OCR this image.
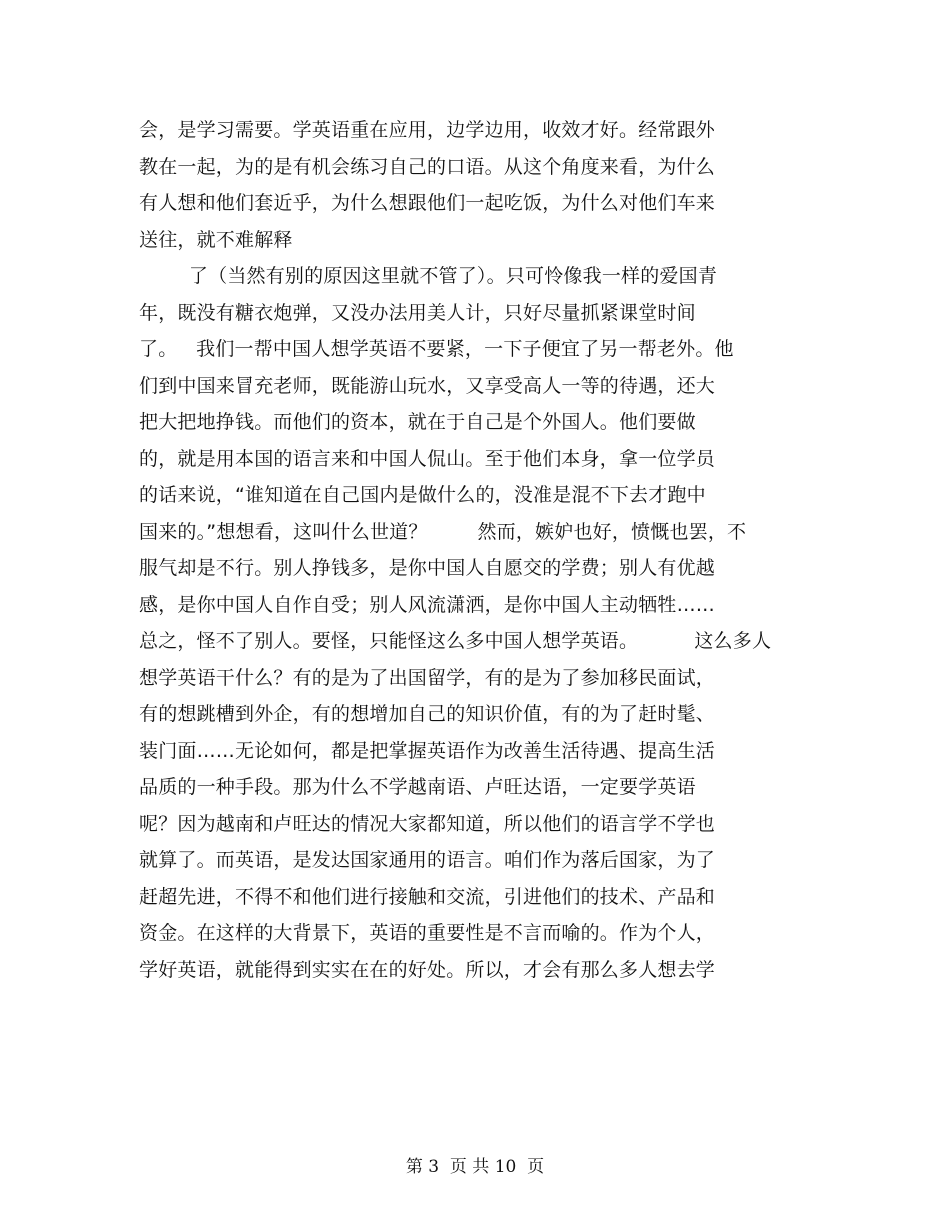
会，是学习需要。学英语重在应用，边学边用，收效才好。经常跟外
教在一起，为的是有机会练习自己的口语。从这个角度来看，为什么
有人想和他们套近乎，为什么想跟他们一起吃饭，为什么对他们车来
送往，就不难解释
了（当然有别的原因这里就不管了）。只可怜像我一样的爱国青
年，既没有糖衣炮弹，又没办法用美人计，只好尽量抓紧课堂时间
了。   我们一帮中国人想学英语不要紧，一下子便宜了另一帮老外。他
们到中国来冒充老师，既能游山玩水，又享受高人一等的待遇，还大
把大把地挣钱。而他们的资本，就在于自己是个外国人。他们要做
的，就是用本国的语言来和中国人侃山。至于他们本身，拿一位学员
的话来说，“谁知道在自己国内是做什么的，没准是混不下去才跑中
国来的。”想想看，这叫什么世道？        然而，嫉妒也好，愤慨也罢，不
服气却是不行。别人挣钱多，是你中国人自愿交的学费；别人有优越
感，是你中国人自作自受；别人风流潇洒，是你中国人主动牺牲……
总之，怪不了别人。要怪，只能怪这么多中国人想学英语。         这么多人
想学英语干什么？有的是为了出国留学，有的是为了参加移民面试，
有的想跳槽到外企，有的想增加自己的知识价值，有的为了赶时髦、
装门面……无论如何，都是把掌握英语作为改善生活待遇、提高生活
品质的一种手段。那为什么不学越南语、卢旺达语，一定要学英语
呢？因为越南和卢旺达的情况大家都知道，所以他们的语言学不学也
就算了。而英语，是发达国家通用的语言。咱们作为落后国家，为了
赶超先进，不得不和他们进行接触和交流，引进他们的技术、产品和
资金。在这样的大背景下，英语的重要性是不言而喻的。作为个人，
学好英语，就能得到实实在在的好处。所以，才会有那么多人想去学
第 3  页 共 10  页
